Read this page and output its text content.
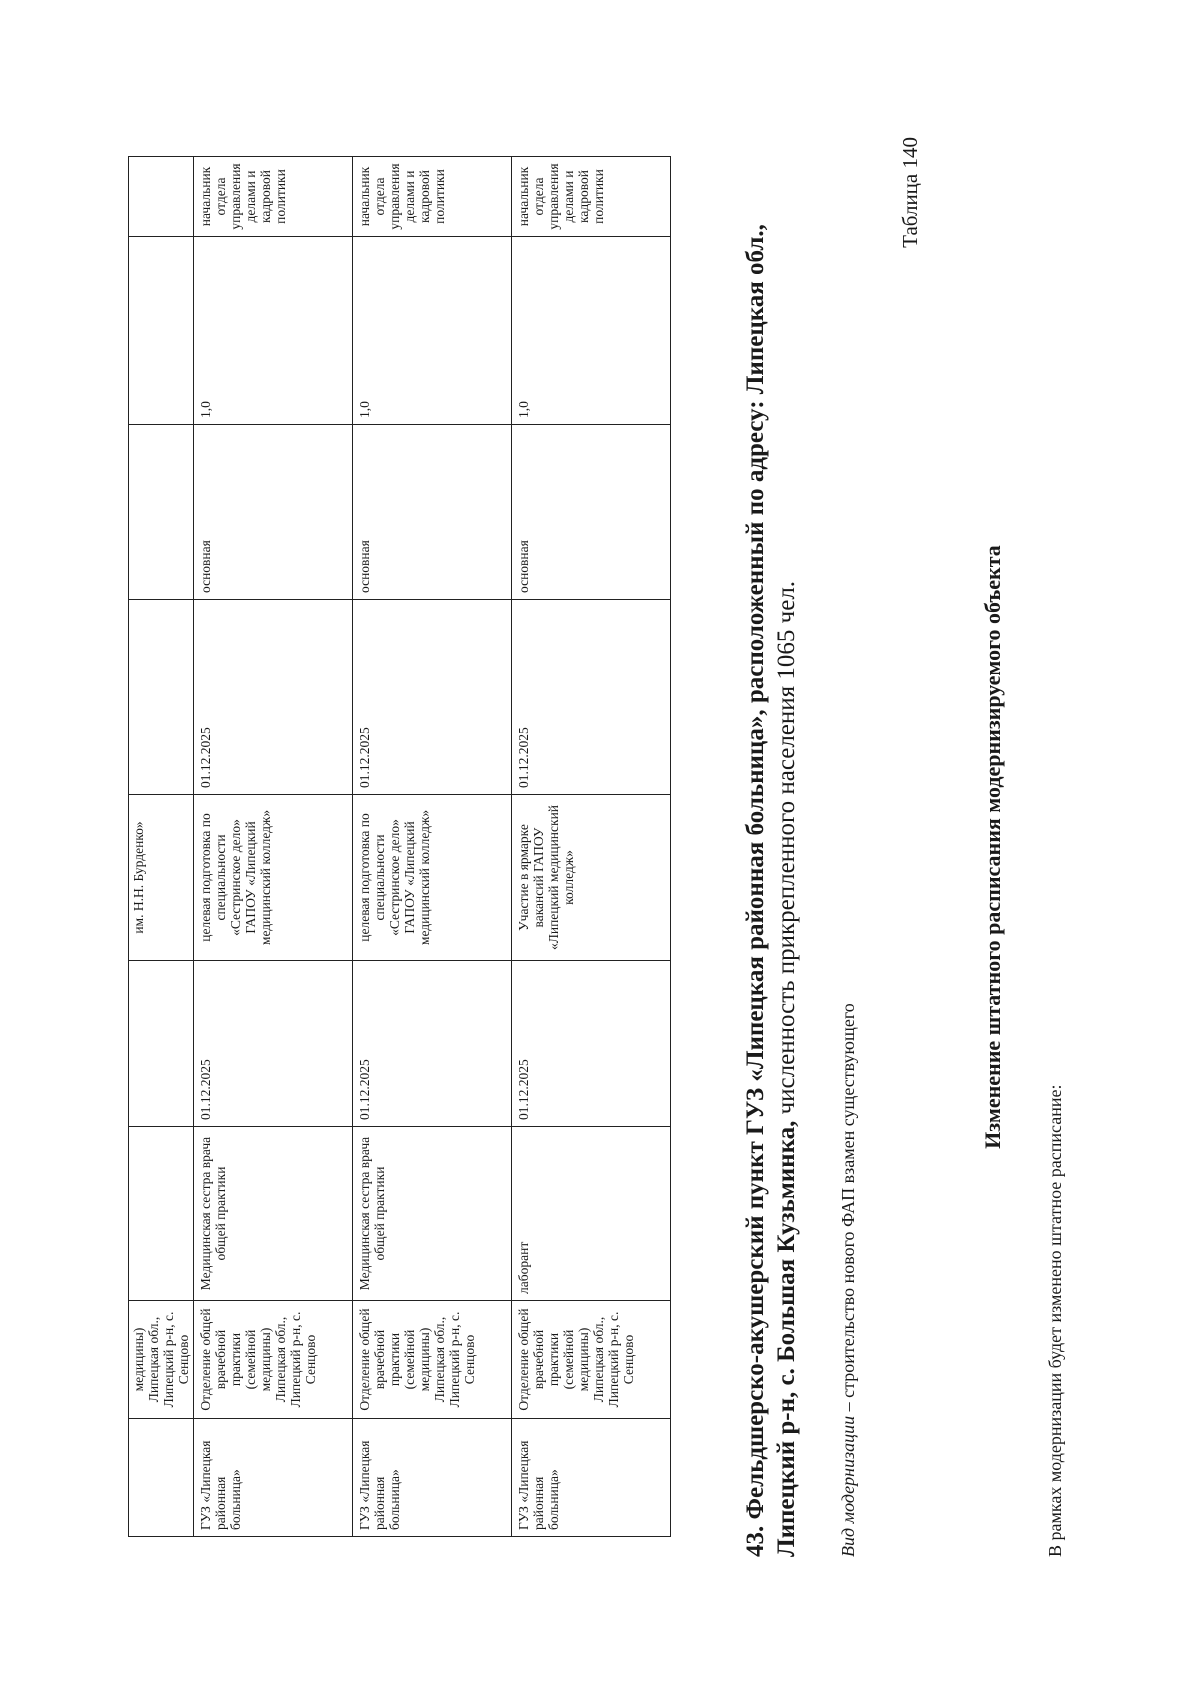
	медицины) Липецкая обл., Липецкий р-н, с. Сенцово			им. Н.Н. Бурденко»				
ГУЗ «Липецкая районная больница»	Отделение общей врачебной практики (семейной медицины) Липецкая обл., Липецкий р-н, с. Сенцово	Медицинская сестра врача общей практики	01.12.2025	целевая подготовка по специальности «Сестринское дело» ГАПОУ «Липецкий медицинский колледж»	01.12.2025	основная	1,0	начальник отдела управления делами и кадровой политики
ГУЗ «Липецкая районная больница»	Отделение общей врачебной практики (семейной медицины) Липецкая обл., Липецкий р-н, с. Сенцово	Медицинская сестра врача общей практики	01.12.2025	целевая подготовка по специальности «Сестринское дело» ГАПОУ «Липецкий медицинский колледж»	01.12.2025	основная	1,0	начальник отдела управления делами и кадровой политики
ГУЗ «Липецкая районная больница»	Отделение общей врачебной практики (семейной медицины) Липецкая обл., Липецкий р-н, с. Сенцово	лаборант	01.12.2025	Участие в ярмарке вакансий ГАПОУ «Липецкий медицинский колледж»	01.12.2025	основная	1,0	начальник отдела управления делами и кадровой политики
43. Фельдшерско-акушерский пункт ГУЗ «Липецкая районная больница», расположенный по адресу: Липецкая обл., Липецкий р-н, с. Большая Кузьминка, численность прикрепленного населения 1065 чел.
Вид модернизации – строительство нового ФАП взамен существующего
Таблица 140
Изменение штатного расписания модернизируемого объекта
В рамках модернизации будет изменено штатное расписание:
